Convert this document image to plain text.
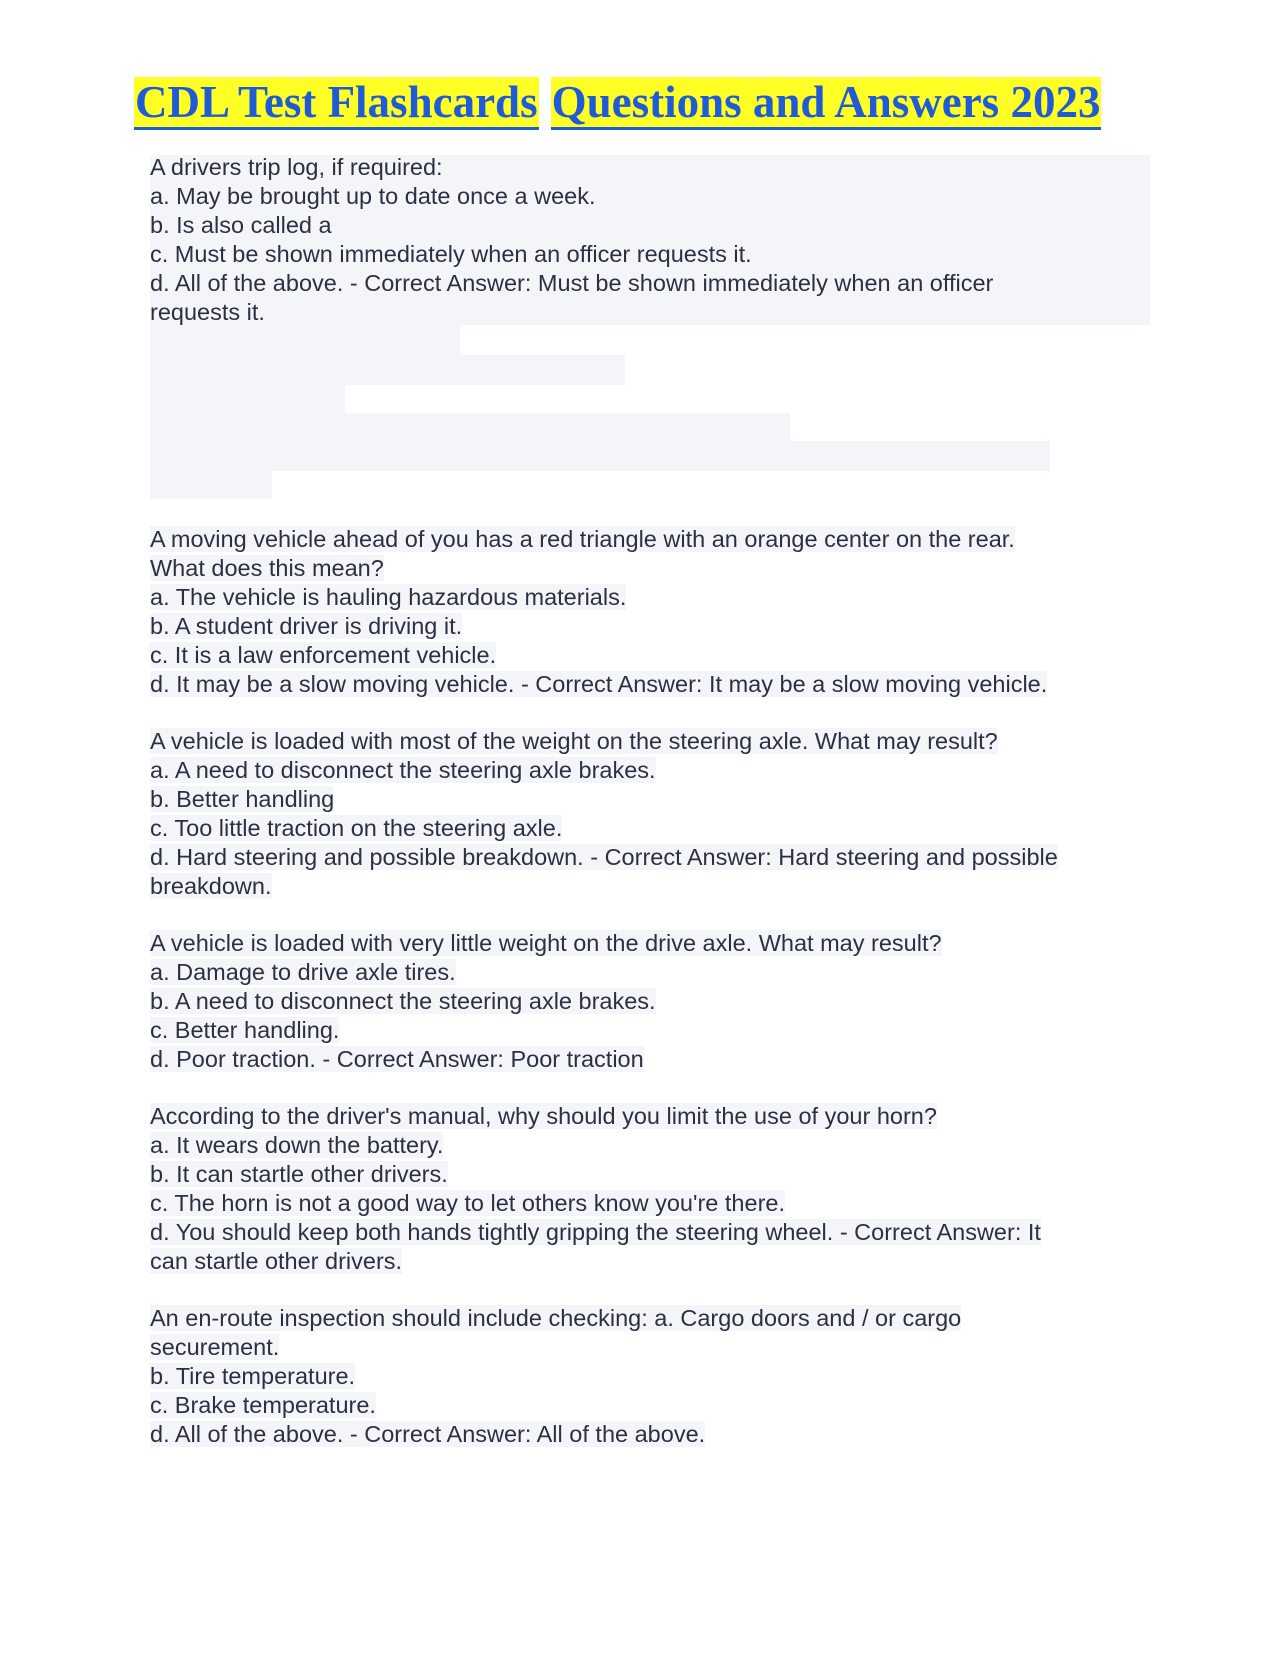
CDL Test Flashcards Questions and Answers 2023
A drivers trip log, if required:
a. May be brought up to date once a week.
b. Is also called a
c. Must be shown immediately when an officer requests it.
d. All of the above. - Correct Answer: Must be shown immediately when an officer
requests it.
A moving vehicle ahead of you has a red triangle with an orange center on the rear.
What does this mean?
a. The vehicle is hauling hazardous materials.
b. A student driver is driving it.
c. It is a law enforcement vehicle.
d. It may be a slow moving vehicle. - Correct Answer: It may be a slow moving vehicle.
A vehicle is loaded with most of the weight on the steering axle. What may result?
a. A need to disconnect the steering axle brakes.
b. Better handling
c. Too little traction on the steering axle.
d. Hard steering and possible breakdown. - Correct Answer: Hard steering and possible
breakdown.
A vehicle is loaded with very little weight on the drive axle. What may result?
a. Damage to drive axle tires.
b. A need to disconnect the steering axle brakes.
c. Better handling.
d. Poor traction. - Correct Answer: Poor traction
According to the driver's manual, why should you limit the use of your horn?
a. It wears down the battery.
b. It can startle other drivers.
c. The horn is not a good way to let others know you're there.
d. You should keep both hands tightly gripping the steering wheel. - Correct Answer: It
can startle other drivers.
An en-route inspection should include checking: a. Cargo doors and / or cargo
securement.
b. Tire temperature.
c. Brake temperature.
d. All of the above. - Correct Answer: All of the above.
